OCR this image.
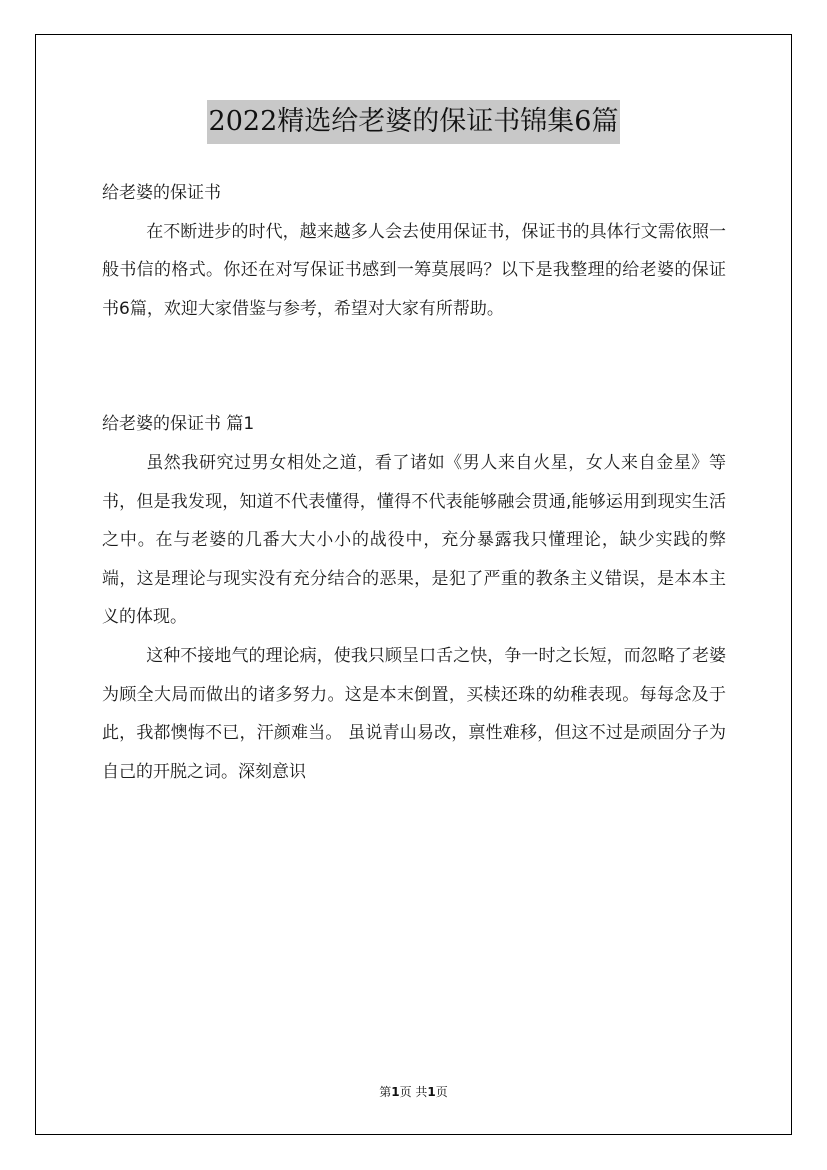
2022精选给老婆的保证书锦集6篇

给老婆的保证书

在不断进步的时代，越来越多人会去使用保证书，保证书的具体行文需依照一般书信的格式。你还在对写保证书感到一筹莫展吗？以下是我整理的给老婆的保证书6篇，欢迎大家借鉴与参考，希望对大家有所帮助。

给老婆的保证书 篇1

虽然我研究过男女相处之道，看了诸如《男人来自火星，女人来自金星》等书，但是我发现，知道不代表懂得，懂得不代表能够融会贯通,能够运用到现实生活之中。在与老婆的几番大大小小的战役中，充分暴露我只懂理论，缺少实践的弊端，这是理论与现实没有充分结合的恶果，是犯了严重的教条主义错误，是本本主义的体现。

这种不接地气的理论病，使我只顾呈口舌之快，争一时之长短，而忽略了老婆为顾全大局而做出的诸多努力。这是本末倒置，买椟还珠的幼稚表现。每每念及于此，我都懊悔不已，汗颜难当。 虽说青山易改，禀性难移，但这不过是顽固分子为自己的开脱之词。深刻意识

第1页 共1页
